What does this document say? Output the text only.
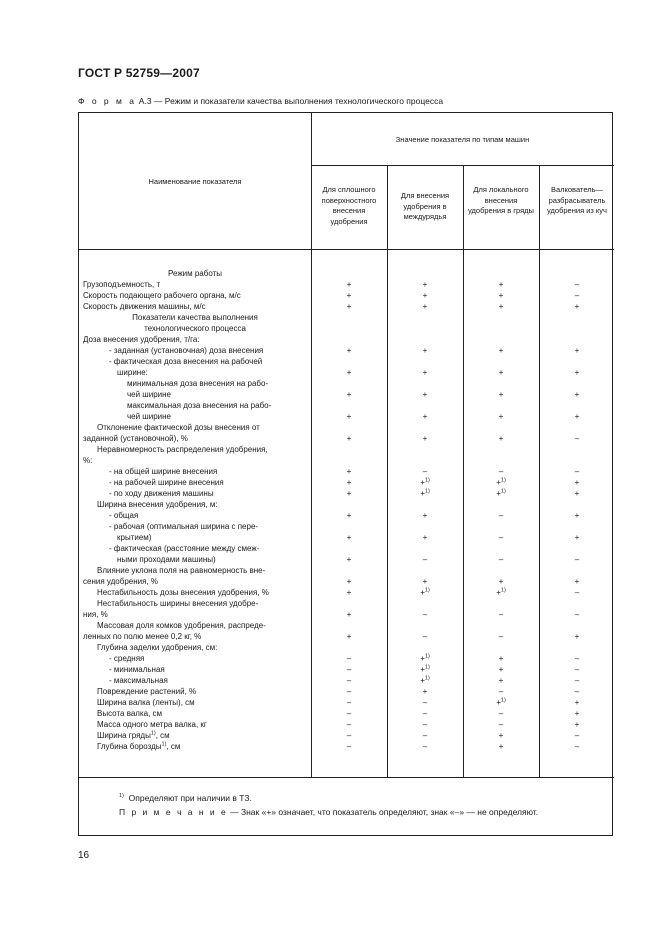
ГОСТ Р 52759—2007
Ф о р м а А.3 — Режим и показатели качества выполнения технологического процесса
Наименование показателя
Значение показателя по типам машин
Для сплошного поверхностного внесения удобрения
Для внесения удобрения в междурядья
Для локального внесения удобрения в гряды
Валкователь—разбрасыватель удобрения из куч
Режим работы
Грузоподъемность, т	+	+	+	–
Скорость подающего рабочего органа, м/с	+	+	+	–
Скорость движения машины, м/с	+	+	+	+
Показатели качества выполнения
технологического процесса
Доза внесения удобрения, т/га:
- заданная (установочная) доза внесения	+	+	+	+
- фактическая доза внесения на рабочей
ширине:	+	+	+	+
минимальная доза внесения на рабо-
чей ширине	+	+	+	+
максимальная доза внесения на рабо-
чей ширине	+	+	+	+
Отклонение фактической дозы внесения от
заданной (установочной), %	+	+	+	–
Неравномерность распределения удобрения,
%:
- на общей ширине внесения	+	–	–	–
- на рабочей ширине внесения	+	+$^{1)}$	+$^{1)}$	+
- по ходу движения машины	+	+$^{1)}$	+$^{1)}$	+
Ширина внесения удобрения, м:
- общая	+	+	–	+
- рабочая (оптимальная ширина с пере-
крытием)	+	+	–	+
- фактическая (расстояние между смеж-
ными проходами машины)	+	–	–	–
Влияние уклона поля на равномерность вне-
сения удобрения, %	+	+	+	+
Нестабильность дозы внесения удобрения, %	+	+$^{1)}$	+$^{1)}$	–
Нестабильность ширины внесения удобре-
ния, %	+	–	–	–
Массовая доля комков удобрения, распреде-
ленных по полю менее 0,2 кг, %	+	–	–	+
Глубина заделки удобрения, см:
- средняя	–	+$^{1)}$	+	–
- минимальная	–	+$^{1)}$	+	–
- максимальная	–	+$^{1)}$	+	–
Повреждение растений, %	–	+	–	–
Ширина валка (ленты), см	–	–	+$^{1)}$	+
Высота валка, см	–	–	–	+
Масса одного метра валка, кг	–	–	–	+
Ширина гряды$^{1)}$, см	–	–	+	–
Глубина борозды$^{1)}$, см	–	–	+	–
$^{1)}$ Определяют при наличии в ТЗ.
П р и м е ч а н и е — Знак «+» означает, что показатель определяют, знак «–» — не определяют.
16
